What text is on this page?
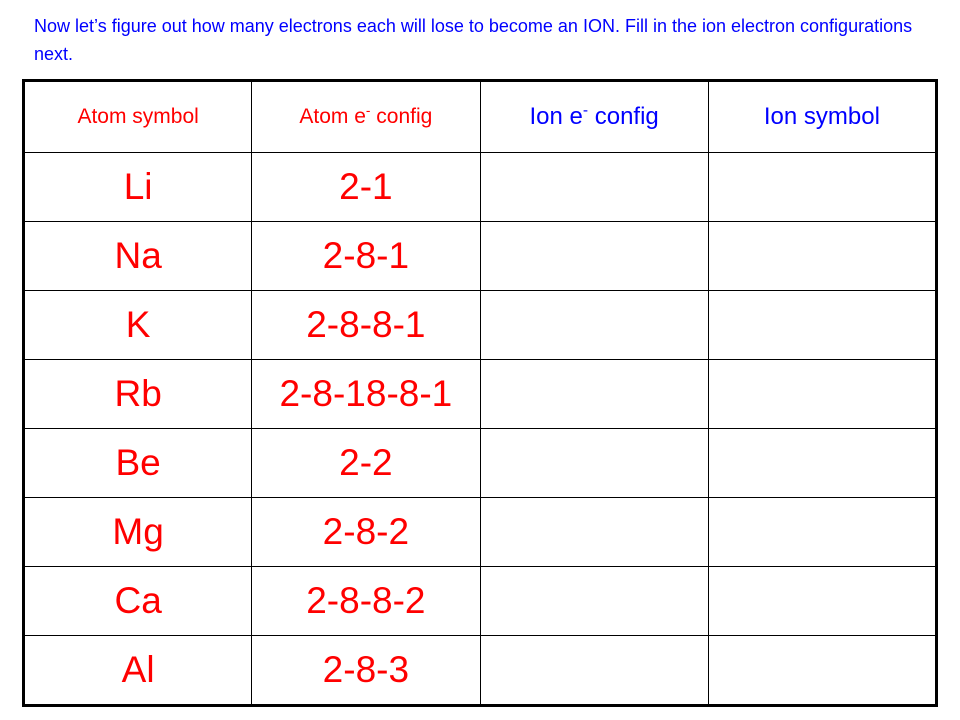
Now let’s figure out how many electrons each will lose to become an ION. Fill in the ion electron configurations next.
Atom symbol	Atom e- config	Ion e- config	Ion symbol
Li	2-1		
Na	2-8-1		
K	2-8-8-1		
Rb	2-8-18-8-1		
Be	2-2		
Mg	2-8-2		
Ca	2-8-8-2		
Al	2-8-3		
